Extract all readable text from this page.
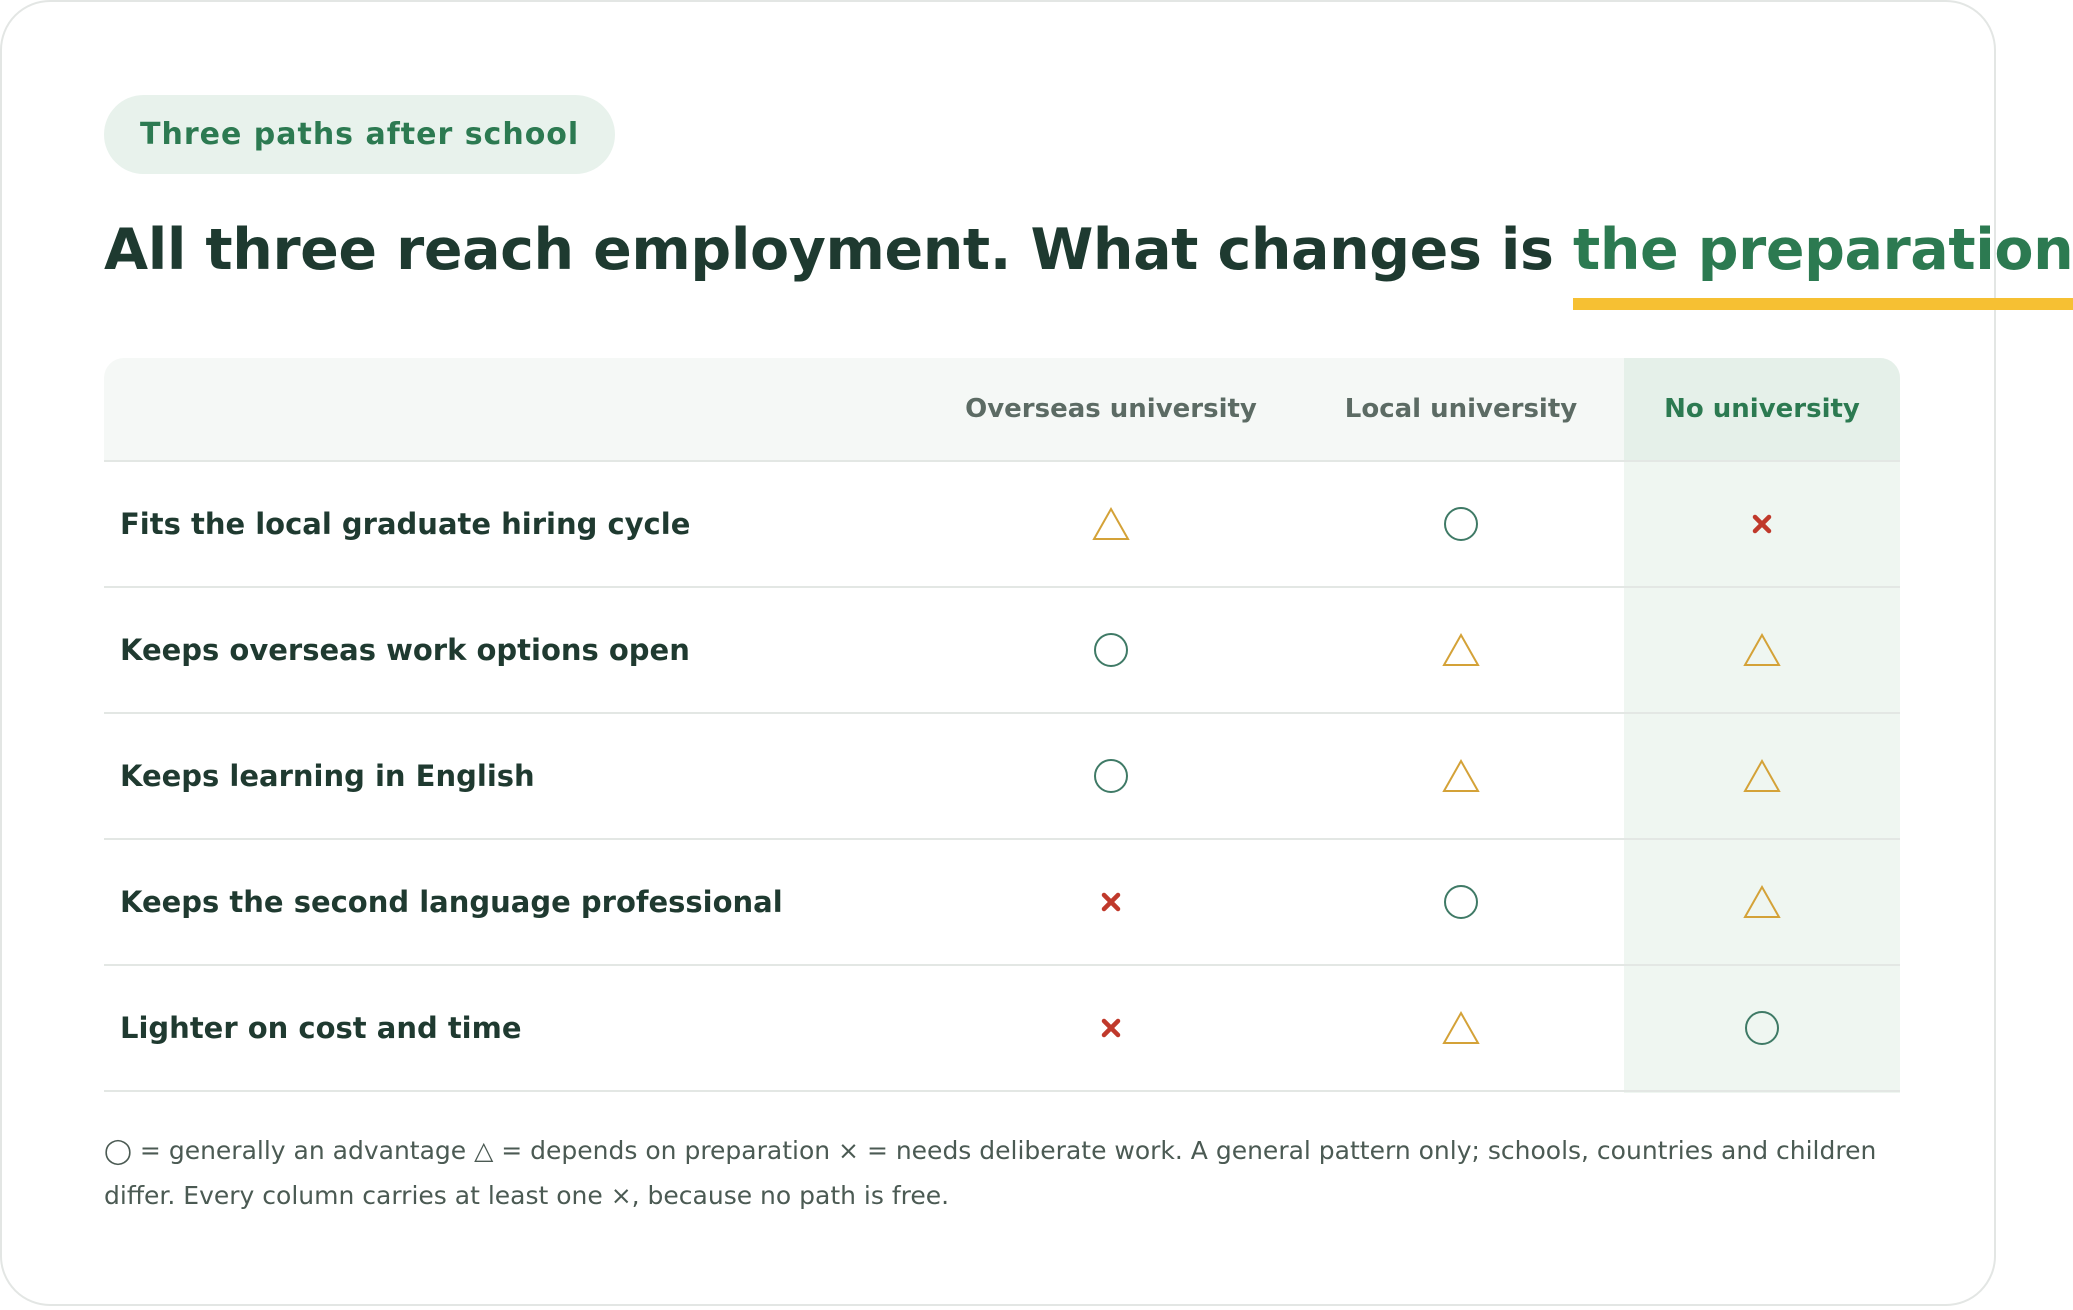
Three paths after school
All three reach employment. What changes is the preparation
Overseas university	Local university	No university
Fits the local graduate hiring cycle
Keeps overseas work options open
Keeps learning in English
Keeps the second language professional
Lighter on cost and time
◯ = generally an advantage △ = depends on preparation × = needs deliberate work. A general pattern only; schools, countries and children differ. Every column carries at least one ×, because no path is free.
